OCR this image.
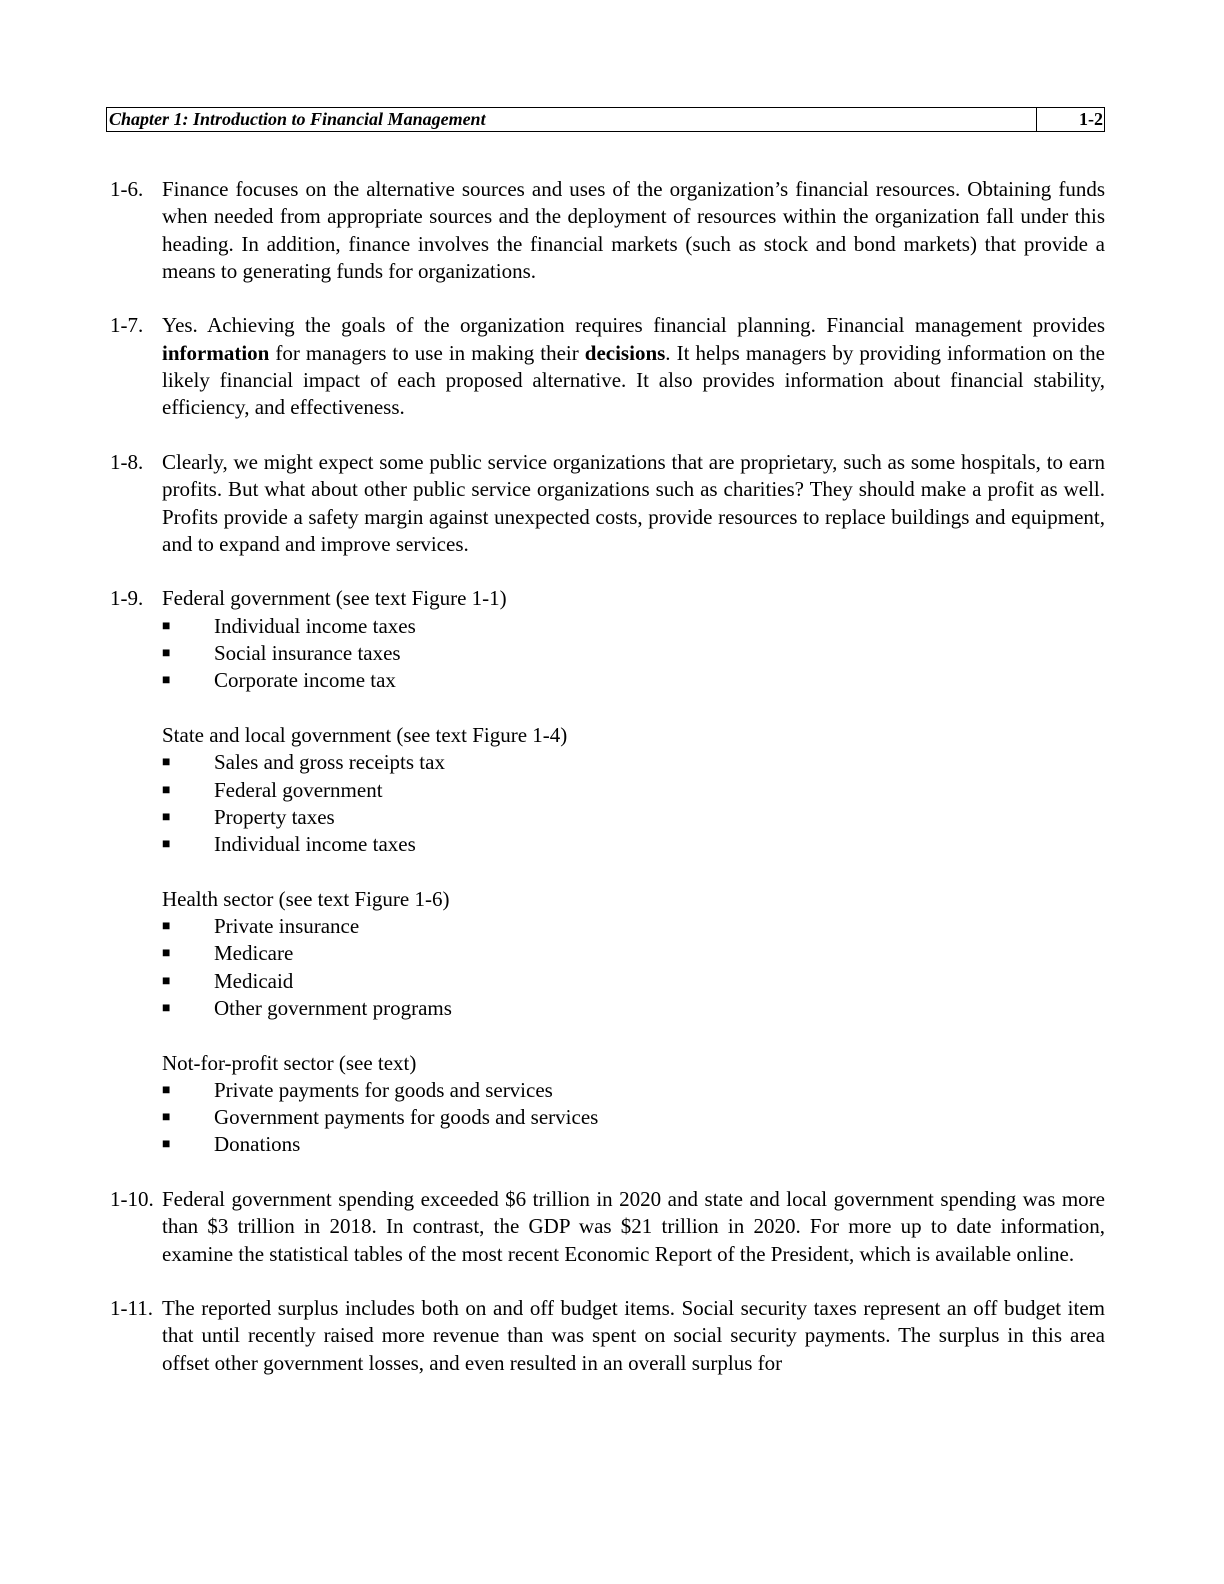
Chapter 1: Introduction to Financial Management	1-2
1-6. Finance focuses on the alternative sources and uses of the organization’s financial resources. Obtaining funds when needed from appropriate sources and the deployment of resources within the organization fall under this heading. In addition, finance involves the financial markets (such as stock and bond markets) that provide a means to generating funds for organizations.

1-7. Yes. Achieving the goals of the organization requires financial planning. Financial management provides information for managers to use in making their decisions. It helps managers by providing information on the likely financial impact of each proposed alternative. It also provides information about financial stability, efficiency, and effectiveness.

1-8. Clearly, we might expect some public service organizations that are proprietary, such as some hospitals, to earn profits. But what about other public service organizations such as charities? They should make a profit as well. Profits provide a safety margin against unexpected costs, provide resources to replace buildings and equipment, and to expand and improve services.

1-9. Federal government (see text Figure 1-1)

■	Individual income taxes
■	Social insurance taxes
■	Corporate income tax

State and local government (see text Figure 1-4)

■	Sales and gross receipts tax
■	Federal government
■	Property taxes
■	Individual income taxes

Health sector (see text Figure 1-6)

■	Private insurance
■	Medicare
■	Medicaid
■	Other government programs

Not-for-profit sector (see text)

■	Private payments for goods and services
■	Government payments for goods and services
■	Donations
1-10. Federal government spending exceeded $6 trillion in 2020 and state and local government spending was more than $3 trillion in 2018. In contrast, the GDP was $21 trillion in 2020. For more up to date information, examine the statistical tables of the most recent Economic Report of the President, which is available online.

1-11. The reported surplus includes both on and off budget items. Social security taxes represent an off budget item that until recently raised more revenue than was spent on social security payments. The surplus in this area offset other government losses, and even resulted in an overall surplus for
